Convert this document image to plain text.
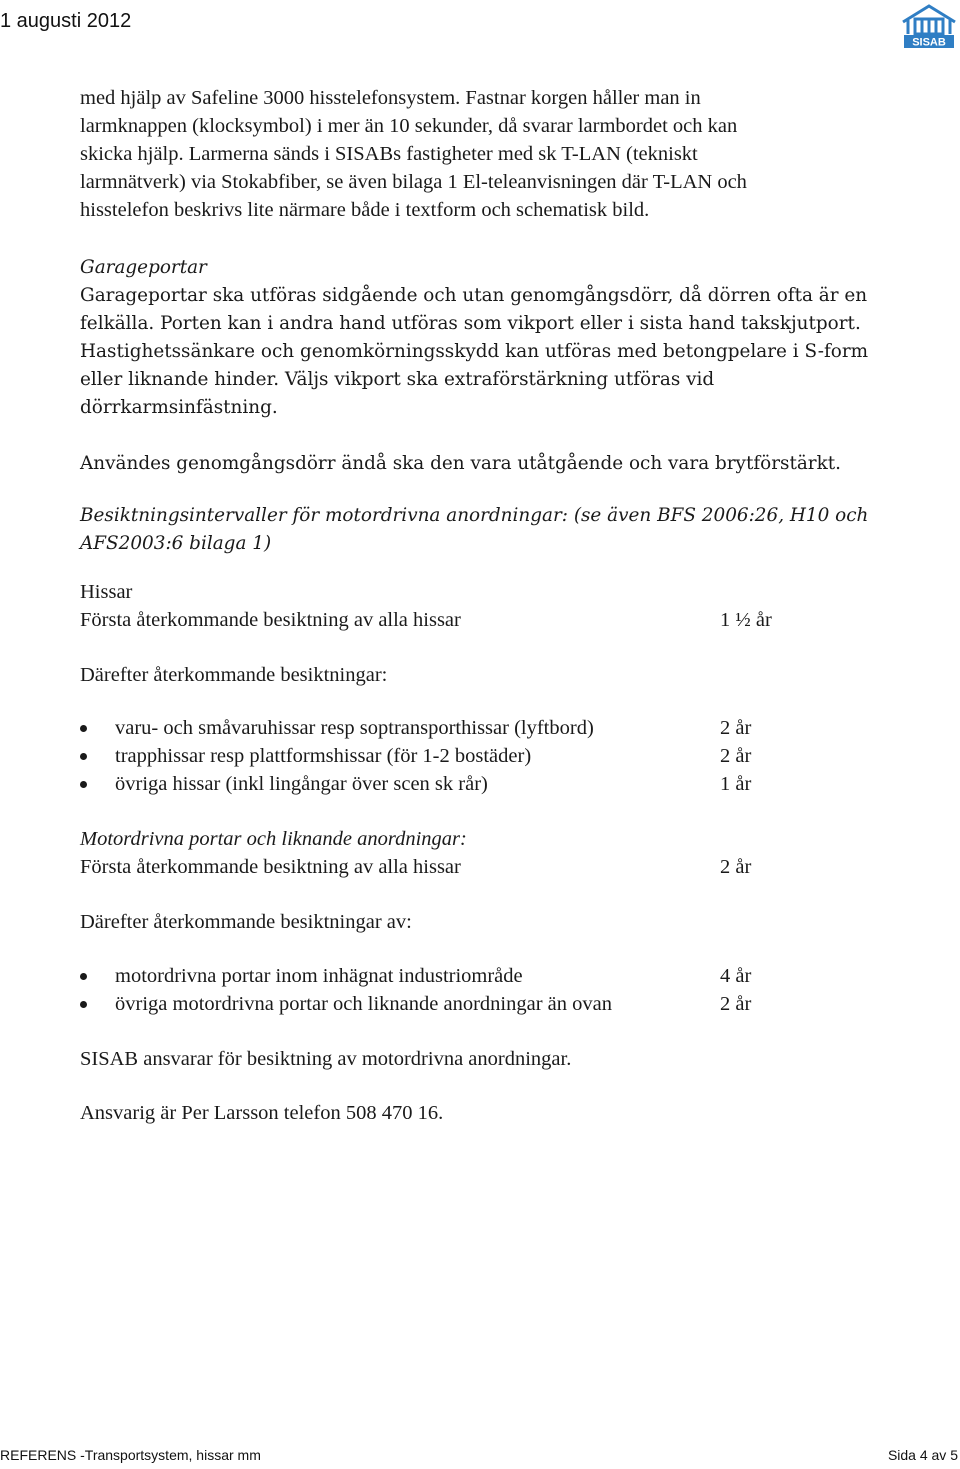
1 augusti 2012
SISAB

med hjälp av Safeline 3000 hisstelefonsystem. Fastnar korgen håller man in
larmknappen (klocksymbol) i mer än 10 sekunder, då svarar larmbordet och kan
skicka hjälp. Larmerna sänds i SISABs fastigheter med sk T-LAN (tekniskt
larmnätverk) via Stokabfiber, se även bilaga 1 El-teleanvisningen där T-LAN och
hisstelefon beskrivs lite närmare både i textform och schematisk bild.

Garageportar

Garageportar ska utföras sidgående och utan genomgångsdörr, då dörren ofta är en felkälla. Porten kan i andra hand utföras som vikport eller i sista hand takskjutport. Hastighetssänkare och genomkörningsskydd kan utföras med betongpelare i S-form eller liknande hinder. Väljs vikport ska extraförstärkning utföras vid dörrkarmsinfästning.

Användes genomgångsdörr ändå ska den vara utåtgående och vara brytförstärkt.

Besiktningsintervaller för motordrivna anordningar: (se även BFS 2006:26, H10 och AFS2003:6 bilaga 1)

Hissar

Första återkommande besiktning av alla hissar	1 ½ år
Därefter återkommande besiktningar:
varu- och småvaruhissar resp soptransporthissar (lyftbord)	2 år
trapphissar resp plattformshissar (för 1-2 bostäder)	2 år
övriga hissar (inkl lingångar över scen sk rår)	1 år

Motordrivna portar och liknande anordningar:

Första återkommande besiktning av alla hissar	2 år
Därefter återkommande besiktningar av:
motordrivna portar inom inhägnat industriområde	4 år
övriga motordrivna portar och liknande anordningar än ovan	2 år

SISAB ansvarar för besiktning av motordrivna anordningar.

Ansvarig är Per Larsson telefon 508 470 16.

REFERENS -Transportsystem, hissar mm	Sida 4 av 5
